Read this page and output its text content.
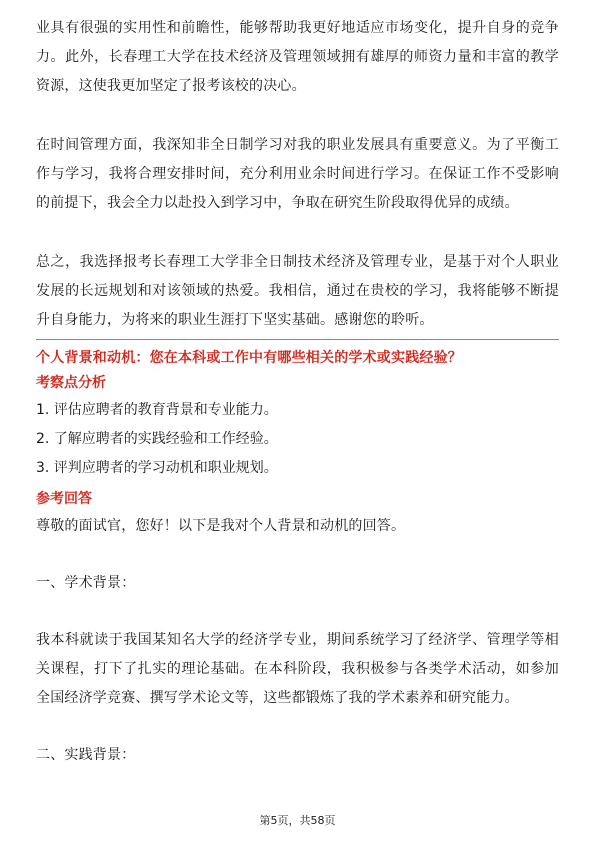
业具有很强的实用性和前瞻性，能够帮助我更好地适应市场变化，提升自身的竞争力。此外，长春理工大学在技术经济及管理领域拥有雄厚的师资力量和丰富的教学资源，这使我更加坚定了报考该校的决心。

在时间管理方面，我深知非全日制学习对我的职业发展具有重要意义。为了平衡工作与学习，我将合理安排时间，充分利用业余时间进行学习。在保证工作不受影响的前提下，我会全力以赴投入到学习中，争取在研究生阶段取得优异的成绩。

总之，我选择报考长春理工大学非全日制技术经济及管理专业，是基于对个人职业发展的长远规划和对该领域的热爱。我相信，通过在贵校的学习，我将能够不断提升自身能力，为将来的职业生涯打下坚实基础。感谢您的聆听。

个人背景和动机：您在本科或工作中有哪些相关的学术或实践经验？

考察点分析

1. 评估应聘者的教育背景和专业能力。

2. 了解应聘者的实践经验和工作经验。

3. 评判应聘者的学习动机和职业规划。

参考回答

尊敬的面试官，您好！以下是我对个人背景和动机的回答。

一、学术背景：

我本科就读于我国某知名大学的经济学专业，期间系统学习了经济学、管理学等相关课程，打下了扎实的理论基础。在本科阶段，我积极参与各类学术活动，如参加全国经济学竞赛、撰写学术论文等，这些都锻炼了我的学术素养和研究能力。

二、实践背景：

第5页，共58页
